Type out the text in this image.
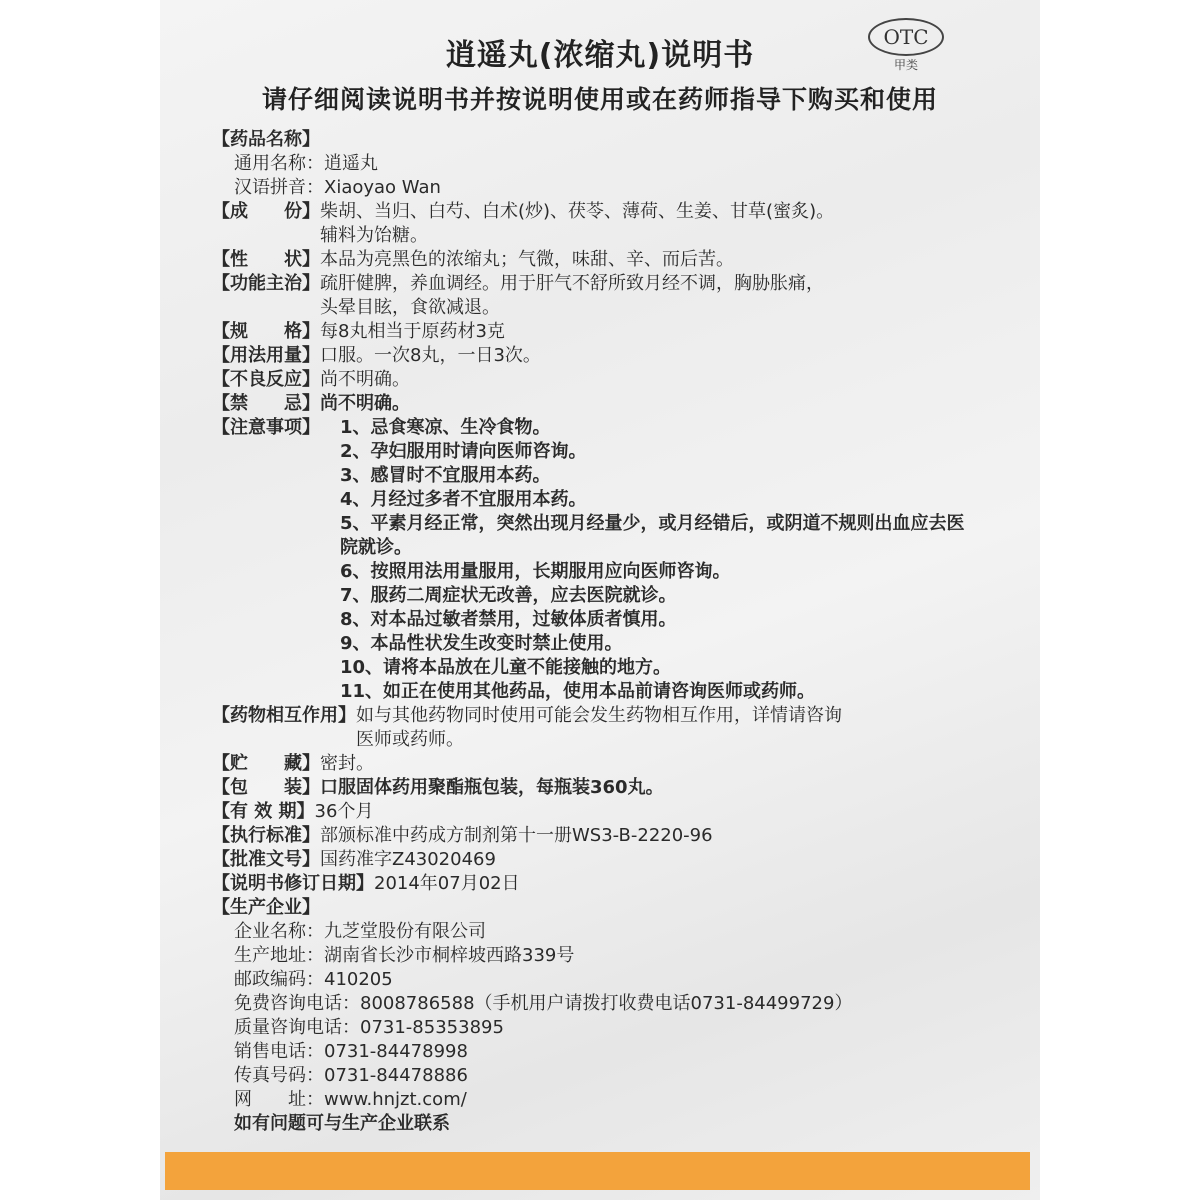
逍遥丸(浓缩丸)说明书
OTC
甲类
请仔细阅读说明书并按说明使用或在药师指导下购买和使用
【药品名称】
通用名称：逍遥丸
汉语拼音：Xiaoyao Wan
【成　　份】 柴胡、当归、白芍、白术(炒)、茯苓、薄荷、生姜、甘草(蜜炙)。
辅料为饴糖。
【性　　状】 本品为亮黑色的浓缩丸；气微，味甜、辛、而后苦。
【功能主治】 疏肝健脾，养血调经。用于肝气不舒所致月经不调，胸胁胀痛，
头晕目眩，食欲减退。
【规　　格】 每8丸相当于原药材3克
【用法用量】 口服。一次8丸，一日3次。
【不良反应】 尚不明确。
【禁　　忌】 尚不明确。
【注意事项】	1、忌食寒凉、生冷食物。
2、孕妇服用时请向医师咨询。
3、感冒时不宜服用本药。
4、月经过多者不宜服用本药。
5、平素月经正常，突然出现月经量少，或月经错后，或阴道不规则出血应去医院就诊。
6、按照用法用量服用，长期服用应向医师咨询。
7、服药二周症状无改善，应去医院就诊。
8、对本品过敏者禁用，过敏体质者慎用。
9、本品性状发生改变时禁止使用。
10、请将本品放在儿童不能接触的地方。
11、如正在使用其他药品，使用本品前请咨询医师或药师。
【药物相互作用】 如与其他药物同时使用可能会发生药物相互作用，详情请咨询
医师或药师。
【贮　　藏】 密封。
【包　　装】 口服固体药用聚酯瓶包装，每瓶装360丸。
【有 效 期】 36个月
【执行标准】 部颁标准中药成方制剂第十一册WS3-B-2220-96
【批准文号】 国药准字Z43020469
【说明书修订日期】 2014年07月02日
【生产企业】
企业名称：九芝堂股份有限公司
生产地址：湖南省长沙市桐梓坡西路339号
邮政编码：410205
免费咨询电话：8008786588（手机用户请拨打收费电话0731-84499729）
质量咨询电话：0731-85353895
销售电话：0731-84478998
传真号码：0731-84478886
网　　址：www.hnjzt.com/
如有问题可与生产企业联系
